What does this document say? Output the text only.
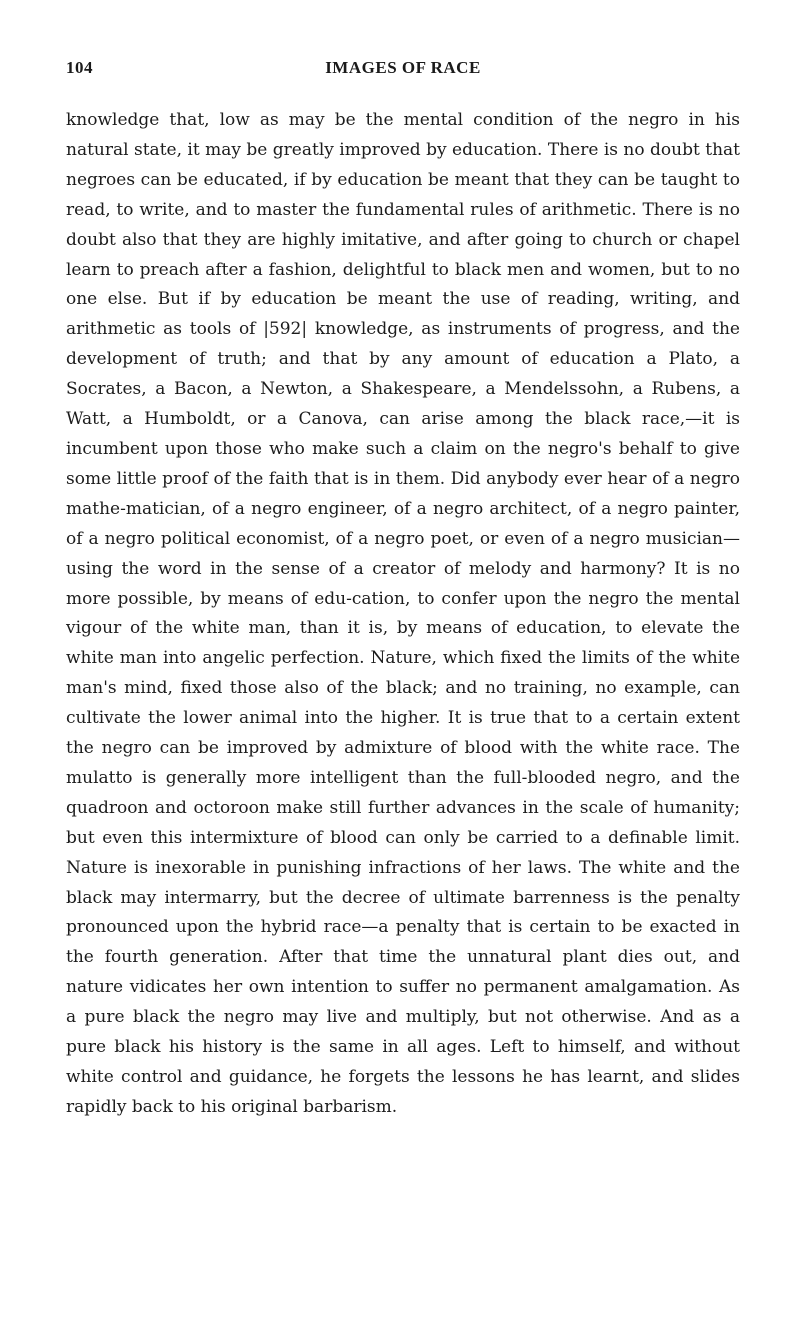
104	IMAGES OF RACE

knowledge that, low as may be the mental condition of the negro in his natural state, it may be greatly improved by education. There is no doubt that negroes can be educated, if by education be meant that they can be taught to read, to write, and to master the fundamental rules of arithmetic. There is no doubt also that they are highly imitative, and after going to church or chapel learn to preach after a fashion, delightful to black men and women, but to no one else. But if by education be meant the use of reading, writing, and arithmetic as tools of |592| knowledge, as instruments of progress, and the development of truth; and that by any amount of education a Plato, a Socrates, a Bacon, a Newton, a Shakespeare, a Mendelssohn, a Rubens, a Watt, a Humboldt, or a Canova, can arise among the black race,—it is incumbent upon those who make such a claim on the negro's behalf to give some little proof of the faith that is in them. Did anybody ever hear of a negro mathe-matician, of a negro engineer, of a negro architect, of a negro painter, of a negro political economist, of a negro poet, or even of a negro musician—using the word in the sense of a creator of melody and harmony? It is no more possible, by means of edu-cation, to confer upon the negro the mental vigour of the white man, than it is, by means of education, to elevate the white man into angelic perfection. Nature, which fixed the limits of the white man's mind, fixed those also of the black; and no training, no example, can cultivate the lower animal into the higher. It is true that to a certain extent the negro can be improved by admixture of blood with the white race. The mulatto is generally more intelligent than the full-blooded negro, and the quadroon and octoroon make still further advances in the scale of humanity; but even this intermixture of blood can only be carried to a definable limit. Nature is inexorable in punishing infractions of her laws. The white and the black may intermarry, but the decree of ultimate barrenness is the penalty pronounced upon the hybrid race—a penalty that is certain to be exacted in the fourth generation. After that time the unnatural plant dies out, and nature vidicates her own intention to suffer no permanent amalgamation. As a pure black the negro may live and multiply, but not otherwise. And as a pure black his history is the same in all ages. Left to himself, and without white control and guidance, he forgets the lessons he has learnt, and slides rapidly back to his original barbarism.
